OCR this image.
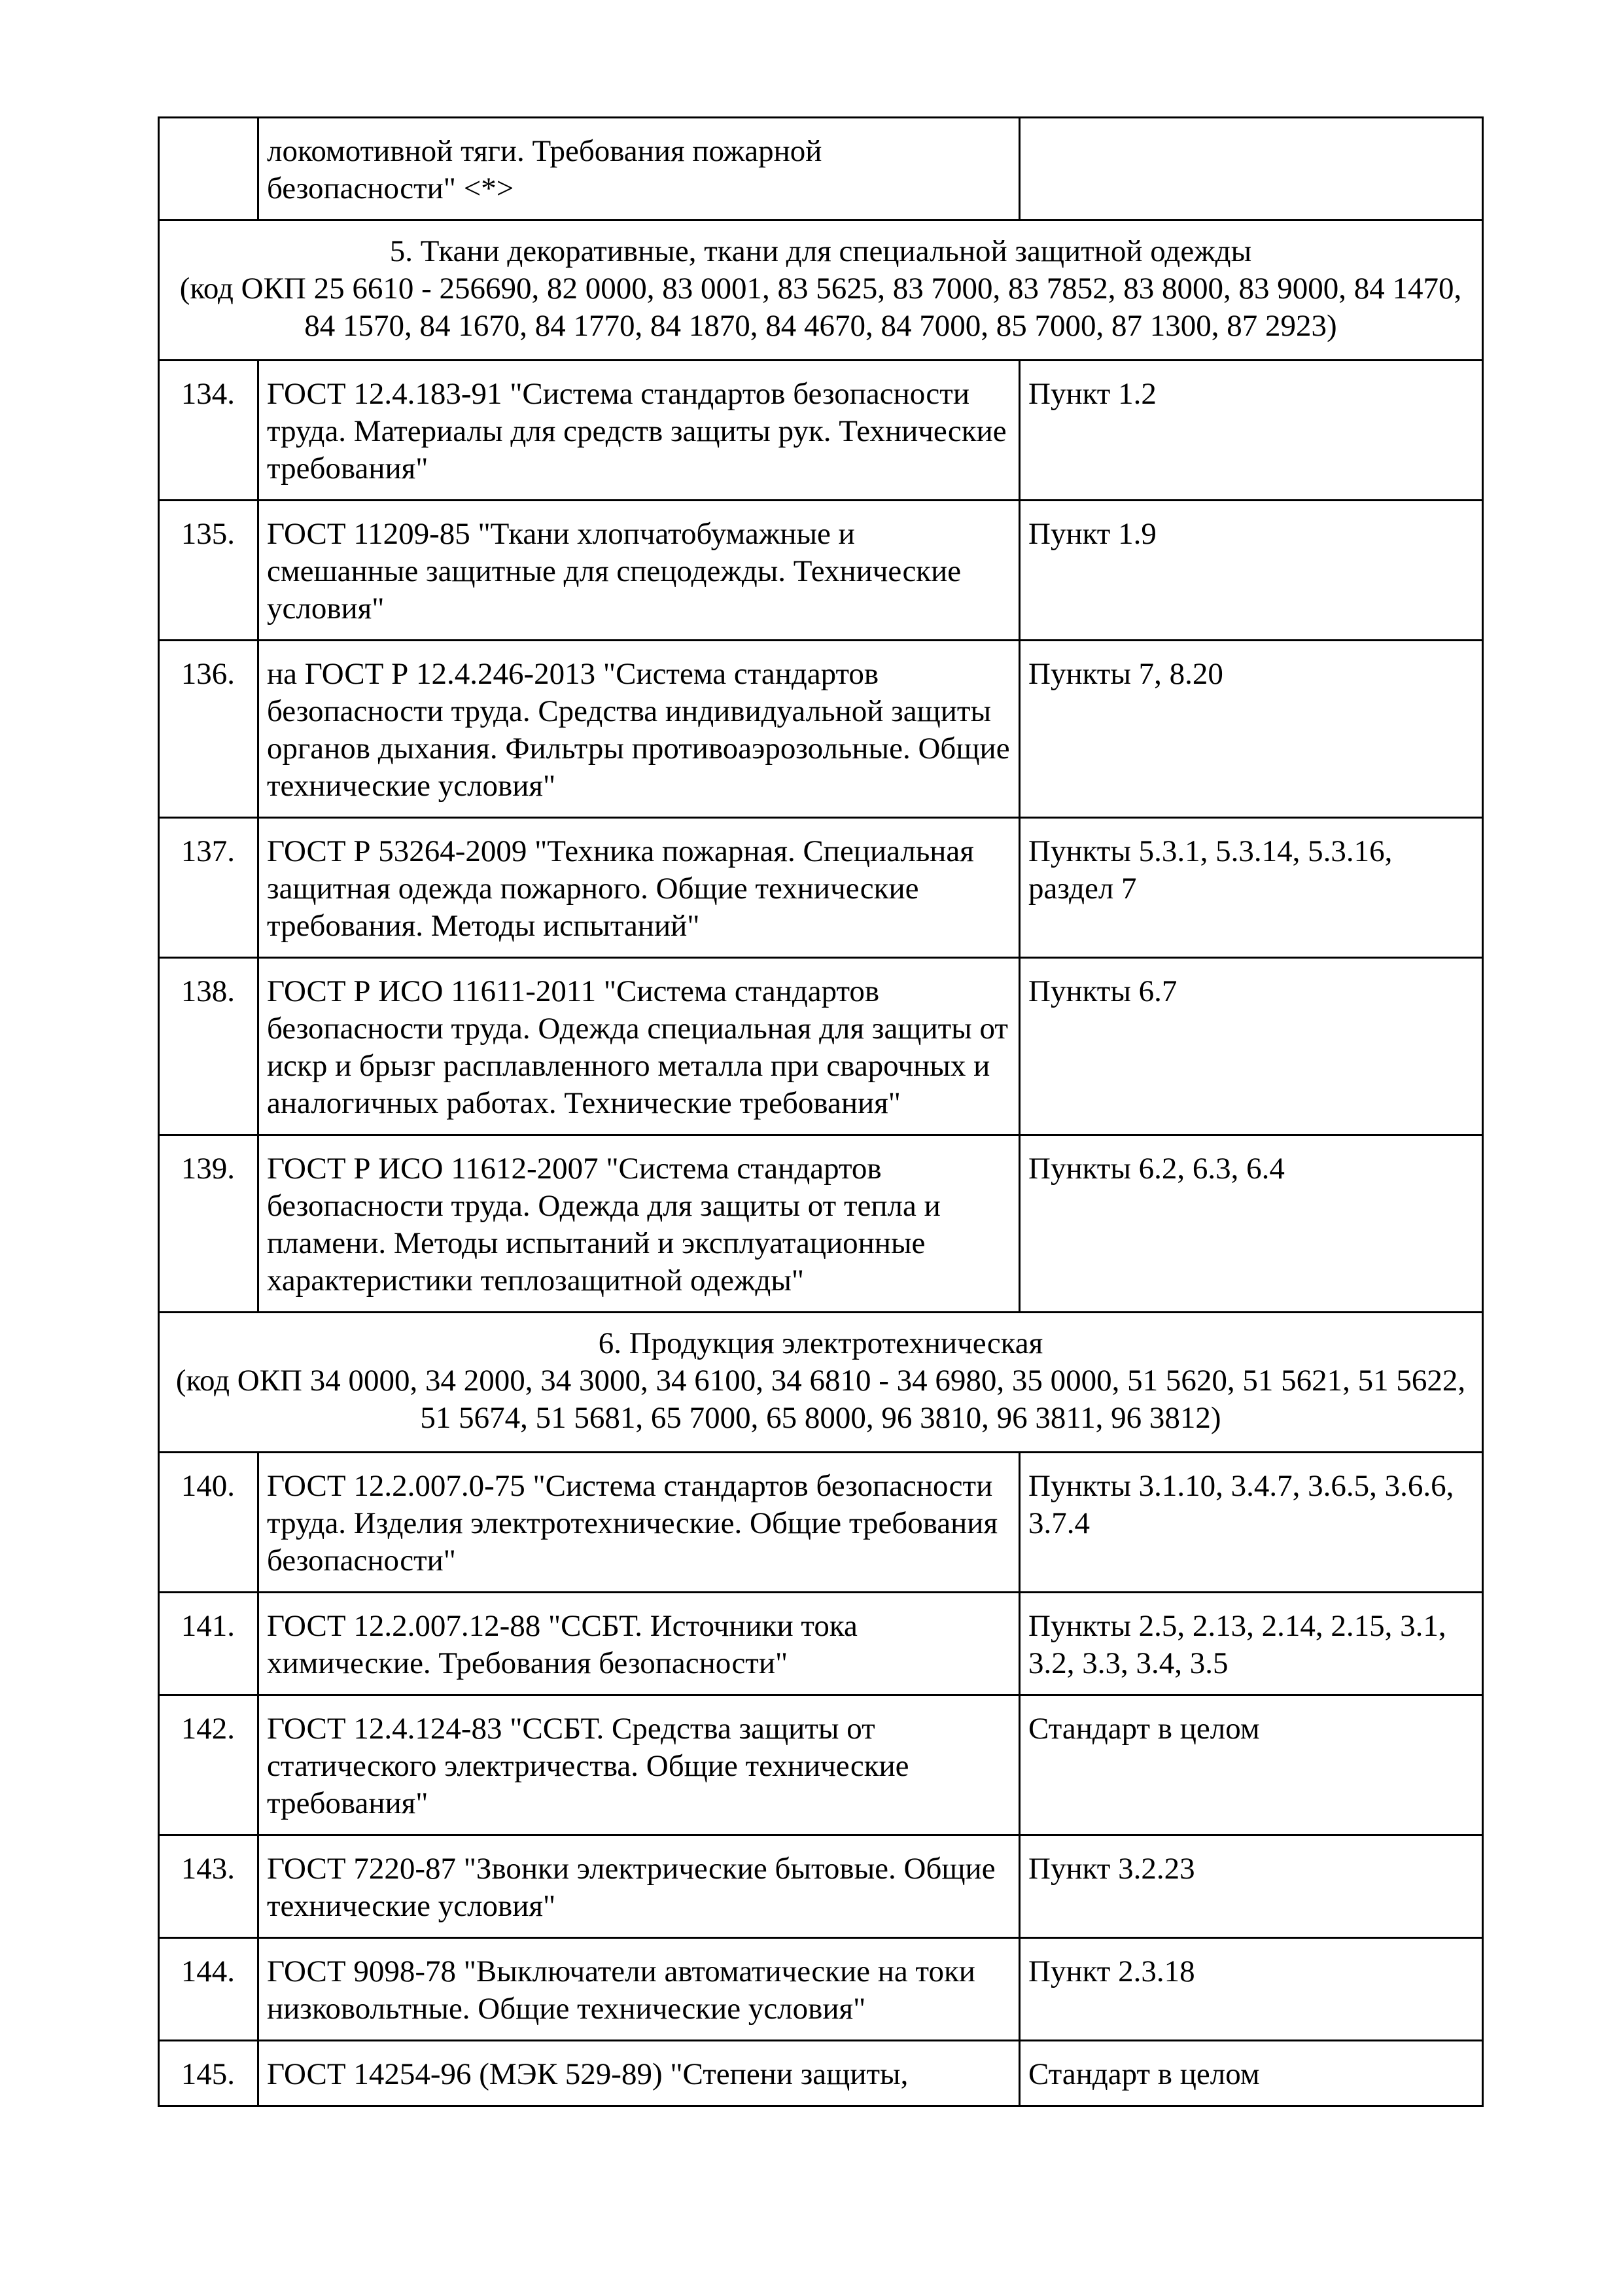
	локомотивной тяги. Требования пожарной безопасности" <*>	

5. Ткани декоративные, ткани для специальной защитной одежды
(код ОКП 25 6610 - 256690, 82 0000, 83 0001, 83 5625, 83 7000, 83 7852, 83 8000, 83 9000, 84 1470, 84 1570, 84 1670, 84 1770, 84 1870, 84 4670, 84 7000, 85 7000, 87 1300, 87 2923)		

134.	ГОСТ 12.4.183-91 "Система стандартов безопасности труда. Материалы для средств защиты рук. Технические требования"	Пункт 1.2
135.	ГОСТ 11209-85 "Ткани хлопчатобумажные и смешанные защитные для спецодежды. Технические условия"	Пункт 1.9
136.	на ГОСТ Р 12.4.246-2013 "Система стандартов безопасности труда. Средства индивидуальной защиты органов дыхания. Фильтры противоаэрозольные. Общие технические условия"	Пункты 7, 8.20
137.	ГОСТ Р 53264-2009 "Техника пожарная. Специальная защитная одежда пожарного. Общие технические требования. Методы испытаний"	Пункты 5.3.1, 5.3.14, 5.3.16, раздел 7
138.	ГОСТ Р ИСО 11611-2011 "Система стандартов безопасности труда. Одежда специальная для защиты от искр и брызг расплавленного металла при сварочных и аналогичных работах. Технические требования"	Пункты 6.7
139.	ГОСТ Р ИСО 11612-2007 "Система стандартов безопасности труда. Одежда для защиты от тепла и пламени. Методы испытаний и эксплуатационные характеристики теплозащитной одежды"	Пункты 6.2, 6.3, 6.4

6. Продукция электротехническая
(код ОКП 34 0000, 34 2000, 34 3000, 34 6100, 34 6810 - 34 6980, 35 0000, 51 5620, 51 5621, 51 5622, 51 5674, 51 5681, 65 7000, 65 8000, 96 3810, 96 3811, 96 3812)		

140.	ГОСТ 12.2.007.0-75 "Система стандартов безопасности труда. Изделия электротехнические. Общие требования безопасности"	Пункты 3.1.10, 3.4.7, 3.6.5, 3.6.6, 3.7.4
141.	ГОСТ 12.2.007.12-88 "ССБТ. Источники тока химические. Требования безопасности"	Пункты 2.5, 2.13, 2.14, 2.15, 3.1, 3.2, 3.3, 3.4, 3.5
142.	ГОСТ 12.4.124-83 "ССБТ. Средства защиты от статического электричества. Общие технические требования"	Стандарт в целом
143.	ГОСТ 7220-87 "Звонки электрические бытовые. Общие технические условия"	Пункт 3.2.23
144.	ГОСТ 9098-78 "Выключатели автоматические на токи низковольтные. Общие технические условия"	Пункт 2.3.18
145.	ГОСТ 14254-96 (МЭК 529-89) "Степени защиты,	Стандарт в целом
